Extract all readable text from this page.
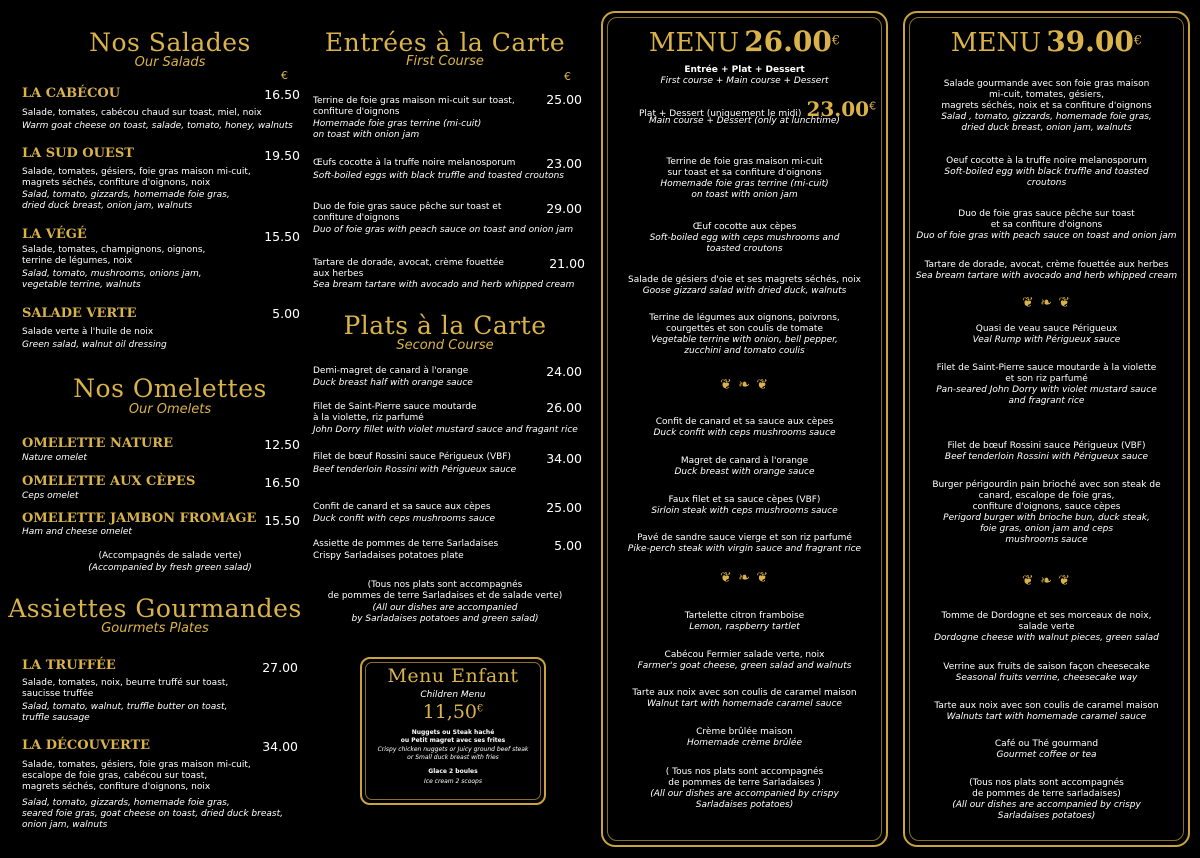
Nos Salades
Our Salads
€
LA CABÉCOU	16.50
Salade, tomates, cabécou chaud sur toast, miel, noix
Warm goat cheese on toast, salade, tomato, honey, walnuts
LA SUD OUEST	19.50
Salade, tomates, gésiers, foie gras maison mi-cuit,
magrets séchés, confiture d'oignons, noix
Salad, tomato, gizzards, homemade foie gras,
dried duck breast, onion jam, walnuts
LA VÉGÉ	15.50
Salade, tomates, champignons, oignons,
terrine de légumes, noix
Salad, tomato, mushrooms, onions jam,
vegetable terrine, walnuts
SALADE VERTE	5.00
Salade verte à l'huile de noix
Green salad, walnut oil dressing
Nos Omelettes
Our Omelets
OMELETTE NATURE	12.50
Nature omelet
OMELETTE AUX CÈPES	16.50
Ceps omelet
OMELETTE JAMBON FROMAGE 15.50
Ham and cheese omelet
(Accompagnés de salade verte)
(Accompanied by fresh green salad)
Assiettes Gourmandes
Gourmets Plates
LA TRUFFÉE	27.00
Salade, tomates, noix, beurre truffé sur toast,
saucisse truffée
Salad, tomato, walnut, truffle butter on toast,
truffle sausage
LA DÉCOUVERTE	34.00
Salade, tomates, gésiers, foie gras maison mi-cuit,
escalope de foie gras, cabécou sur toast,
magrets séchés, confiture d'oignons, noix
Salad, tomato, gizzards, homemade foie gras,
seared foie gras, goat cheese on toast, dried duck breast,
onion jam, walnuts
Entrées à la Carte
First Course
€
Terrine de foie gras maison mi-cuit sur toast,
confiture d'oignons
25.00
Homemade foie gras terrine (mi-cuit)
on toast with onion jam
Œufs cocotte à la truffe noire melanosporum	23.00
Soft-boiled eggs with black truffle and toasted croutons
Duo de foie gras sauce pêche sur toast et
confiture d'oignons
29.00
Duo of foie gras with peach sauce on toast and onion jam
Tartare de dorade, avocat, crème fouettée
aux herbes
21.00
Sea bream tartare with avocado and herb whipped cream
Plats à la Carte
Second Course
Demi-magret de canard à l'orange	24.00
Duck breast half with orange sauce
Filet de Saint-Pierre sauce moutarde
à la violette, riz parfumé
26.00
John Dorry fillet with violet mustard sauce and fragant rice
Filet de bœuf Rossini sauce Périgueux (VBF)	34.00
Beef tenderloin Rossini with Périgueux sauce
Confit de canard et sa sauce aux cèpes	25.00
Duck confit with ceps mushrooms sauce
Assiette de pommes de terre Sarladaises	5.00
Crispy Sarladaises potatoes plate
(Tous nos plats sont accompagnés
de pommes de terre Sarladaises et de salade verte)
(All our dishes are accompanied
by Sarladaises potatoes and green salad)
Menu Enfant
Children Menu
11,50€
Nuggets ou Steak haché
ou Petit magret avec ses frites
Crispy chicken nuggets or Juicy ground beef steak
or Small duck breast with fries
Glace 2 boules
Ice cream 2 scoops
MENU 26.00€
Entrée + Plat + Dessert
First course + Main course + Dessert
Plat + Dessert (uniquement le midi) 23.00€
Main course + Dessert (only at lunchtime)
Terrine de foie gras maison mi-cuit
sur toast et sa confiture d'oignons
Homemade foie gras terrine (mi-cuit)
on toast with onion jam
Œuf cocotte aux cèpes
Soft-boiled egg with ceps mushrooms and
toasted croutons
Salade de gésiers d'oie et ses magrets séchés, noix
Goose gizzard salad with dried duck, walnuts
Terrine de légumes aux oignons, poivrons,
courgettes et son coulis de tomate
Vegetable terrine with onion, bell pepper,
zucchini and tomato coulis
❦ ❧ ❦
Confit de canard et sa sauce aux cèpes
Duck confit with ceps mushrooms sauce
Magret de canard à l'orange
Duck breast with orange sauce
Faux filet et sa sauce cèpes (VBF)
Sirloin steak with ceps mushrooms sauce
Pavé de sandre sauce vierge et son riz parfumé
Pike-perch steak with virgin sauce and fragrant rice
❦ ❧ ❦
Tartelette citron framboise
Lemon, raspberry tartlet
Cabécou Fermier salade verte, noix
Farmer's goat cheese, green salad and walnuts
Tarte aux noix avec son coulis de caramel maison
Walnut tart with homemade caramel sauce
Crème brûlée maison
Homemade crème brûlée
( Tous nos plats sont accompagnés
de pommes de terre Sarladaises )
(All our dishes are accompanied by crispy
Sarladaises potatoes)
MENU 39.00€
Salade gourmande avec son foie gras maison
mi-cuit, tomates, gésiers,
magrets séchés, noix et sa confiture d'oignons
Salad , tomato, gizzards, homemade foie gras,
dried duck breast, onion jam, walnuts
Oeuf cocotte à la truffe noire melanosporum
Soft-boiled egg with black truffle and toasted
croutons
Duo de foie gras sauce pêche sur toast
et sa confiture d'oignons
Duo of foie gras with peach sauce on toast and onion jam
Tartare de dorade, avocat, crème fouettée aux herbes
Sea bream tartare with avocado and herb whipped cream
❦ ❧ ❦
Quasi de veau sauce Périgueux
Veal Rump with Périgueux sauce
Filet de Saint-Pierre sauce moutarde à la violette
et son riz parfumé
Pan-seared John Dorry with violet mustard sauce
and fragrant rice
Filet de bœuf Rossini sauce Périgueux (VBF)
Beef tenderloin Rossini with Périgueux sauce
Burger périgourdin pain brioché avec son steak de
canard, escalope de foie gras,
confiture d'oignons, sauce cèpes
Perigord burger with brioche bun, duck steak,
foie gras, onion jam and ceps
mushrooms sauce
❦ ❧ ❦
Tomme de Dordogne et ses morceaux de noix,
salade verte
Dordogne cheese with walnut pieces, green salad
Verrine aux fruits de saison façon cheesecake
Seasonal fruits verrine, cheesecake way
Tarte aux noix avec son coulis de caramel maison
Walnuts tart with homemade caramel sauce
Café ou Thé gourmand
Gourmet coffee or tea
(Tous nos plats sont accompagnés
de pommes de terre sarladaises)
(All our dishes are accompanied by crispy
Sarladaises potatoes)
